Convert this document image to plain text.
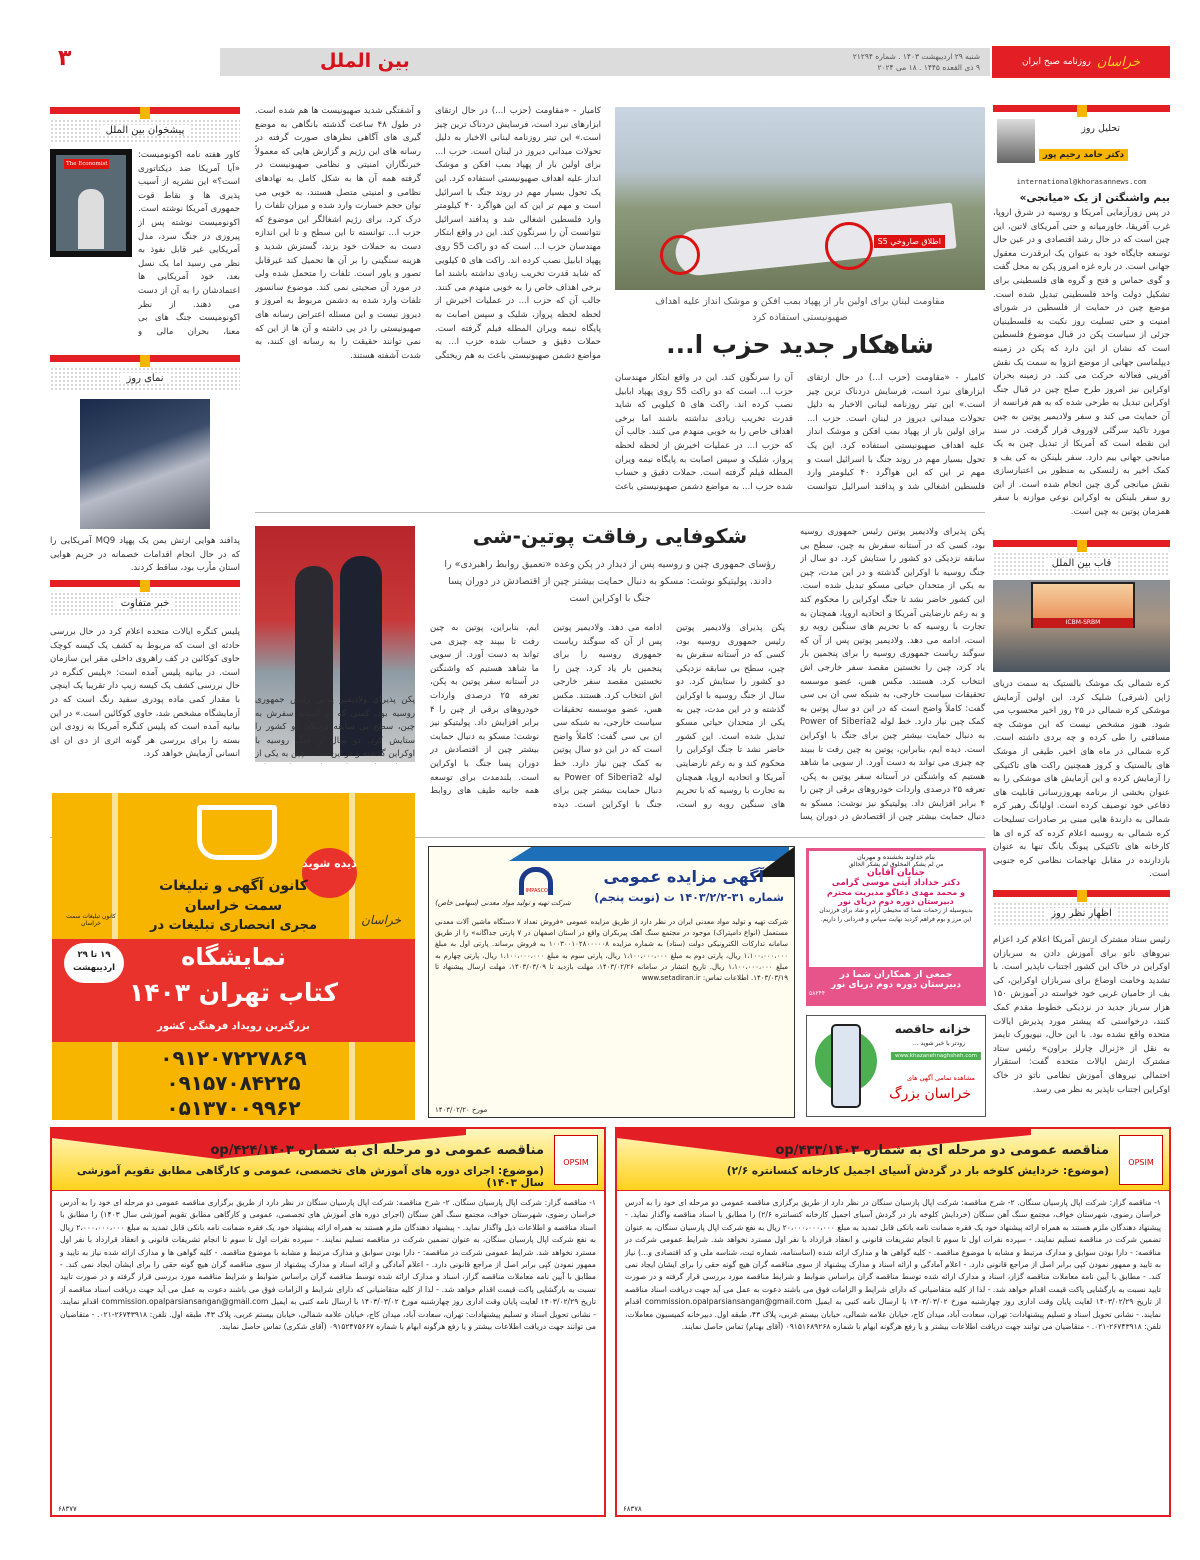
خراسان
روزنامه صبح ایران
شنبه ۲۹ اردیبهشت ۱۴۰۳ . شماره ۲۱۲۹۴
۹ ذی القعده ۱۴۴۵ . ۱۸ می ۲۰۲۴
بین الملل
۳
تحلیل روز
دکتر حامد رحیم پور
international@khorasannews.com
بیم واشنگتن از یک «میانجی»
در پس زورآزمایی آمریکا و روسیه در شرق اروپا، غرب آفریقا، خاورمیانه و حتی آمریکای لاتین، این چین است که در حال رشد اقتصادی و در عین حال توسعه جایگاه خود به عنوان یک ابرقدرت معقول جهانی است. در باره غزه امروز پکن به محل گفت و گوی حماس و فتح و گروه های فلسطینی برای تشکیل دولت واحد فلسطینی تبدیل شده است. موضع چین در حمایت از فلسطین در شورای امنیت و حتی تسلیت روز نکبت به فلسطینیان جزئی از سیاست پکن در قبال موضوع فلسطین است که نشان از این دارد که پکن در زمینه دیپلماسی جهانی از موضع انزوا به سمت یک نقش آفرینی فعالانه حرکت می کند. در زمینه بحران اوکراین نیز امروز طرح صلح چین در قبال جنگ اوکراین تبدیل به طرحی شده که به هم فرانسه از آن حمایت می کند و سفر ولادیمیر پوتین به چین مورد تاکید سرگئی لاوروف قرار گرفت. در سند این نقطه است که آمریکا از تبدیل چین به یک میانجی جهانی بیم دارد. سفر بلینکن به کی یف و کمک اخیر به زلنسکی به منظور بی اعتبارسازی نقش میانجی گری چین انجام شده است. از این رو سفر بلینکن به اوکراین نوعی موازنه با سفر همزمان پوتین به چین است.
قاب بین الملل
ICBM-SRBM
کره شمالی یک موشک بالستیک به سمت دریای ژاپن (شرقی) شلیک کرد. این اولین آزمایش موشکی کره شمالی در ۲۵ روز اخیر محسوب می شود. هنوز مشخص نیست که این موشک چه مسافتی را طی کرده و چه بردی داشته است. کره شمالی در ماه های اخیر، طیفی از موشک های بالستیک و کروز همچنین راکت های تاکتیکی را آزمایش کرده و این آزمایش های موشکی را به عنوان بخشی از برنامه بهروزرسانی قابلیت های دفاعی خود توصیف کرده است. اولیانگ رهبر کره شمالی به دارندۀ هایی مبنی بر صادرات تسلیحات کره شمالی به روسیه اعلام کرده که کره ای ها کارخانه های تاکتیکی پیونگ یانگ تنها به عنوان بازدارنده در مقابل تهاجمات نظامی کره جنوبی است.
اظهار نظر روز
رئیس ستاد مشترک ارتش آمریکا اعلام کرد اعزام نیروهای ناتو برای آموزش دادن به سربازان اوکراین در خاک این کشور اجتناب ناپذیر است. با تشدید وخامت اوضاع برای سربازان اوکراین، کی یف از حامیان غربی خود خواسته در آموزش ۱۵۰ هزار سرباز جدید در نزدیکی خطوط مقدم کمک کنند، درخواستی که پیشتر مورد پذیرش ایالات متحده واقع نشده بود. با این حال، نیویورک تایمز به نقل از «ژنرال چارلز براون» رئیس ستاد مشترک ارتش ایالات متحده گفت: استقرار احتمالی نیروهای آموزش نظامی ناتو در خاک اوکراین اجتناب ناپذیر به نظر می رسد.
اطلاق صاروخي S5
مقاومت لبنان برای اولین بار از پهپاد بمب افکن و موشک انداز علیه اهداف صهیونیستی استفاده کرد
شاهکار جدید حزب ا...
کامیار - «مقاومت (حزب ا...) در حال ارتقای ابزارهای نبرد است، فرسایش دردناک ترین چیز است.» این تیتر روزنامه لبنانی الاخبار به دلیل تحولات میدانی دیروز در لبنان است. حزب ا... برای اولین بار از پهپاد بمب افکن و موشک انداز علیه اهداف صهیونیستی استفاده کرد. این یک تحول بسیار مهم در روند جنگ با اسرائیل است و مهم تر این که این هواگرد ۴۰ کیلومتر وارد فلسطین اشغالی شد و پدافند اسرائیل نتوانست آن را سرنگون کند. این در واقع ابتکار مهندسان حزب ا... است که دو راکت S5 روی پهپاد ابابیل نصب کرده اند. راکت های ۵ کیلویی که شاید قدرت تخریب زیادی نداشته باشند اما برخی اهداف خاص را به خوبی منهدم می کنند. جالب آن که حزب ا... در عملیات اخیرش از لحظه لحظه پرواز، شلیک و سپس اصابت به پایگاه نیمه ویران المطله فیلم گرفته است. حملات دقیق و حساب شده حزب ا... به مواضع دشمن صهیونیستی باعث
کامیار - «مقاومت (حزب ا...) در حال ارتقای ابزارهای نبرد است، فرسایش دردناک ترین چیز است.» این تیتر روزنامه لبنانی الاخبار به دلیل تحولات میدانی دیروز در لبنان است. حزب ا... برای اولین بار از پهپاد بمب افکن و موشک انداز علیه اهداف صهیونیستی استفاده کرد. این یک تحول بسیار مهم در روند جنگ با اسرائیل است و مهم تر این که این هواگرد ۴۰ کیلومتر وارد فلسطین اشغالی شد و پدافند اسرائیل نتوانست آن را سرنگون کند. این در واقع ابتکار مهندسان حزب ا... است که دو راکت S5 روی پهپاد ابابیل نصب کرده اند. راکت های ۵ کیلویی که شاید قدرت تخریب زیادی نداشته باشند اما برخی اهداف خاص را به خوبی منهدم می کنند. جالب آن که حزب ا... در عملیات اخیرش از لحظه لحظه پرواز، شلیک و سپس اصابت به پایگاه نیمه ویران المطله فیلم گرفته است. حملات دقیق و حساب شده حزب ا... به مواضع دشمن صهیونیستی باعث به هم ریختگی و آشفتگی شدید صهیونیست ها هم شده است. در طول ۴۸ ساعت گذشته بانگاهی به موضع گیری های آگاهی نظرهای صورت گرفته در رسانه های این رژیم و گزارش هایی که معمولاً خبرنگاران امنیتی و نظامی صهیونیست در گرفته همه آن ها به شکل کامل به نهادهای نظامی و امنیتی متصل هستند، به خوبی می توان حجم خسارت وارد شده و میزان تلفات را درک کرد. برای رژیم اشغالگر این موضوع که حزب ا... توانسته تا این سطح و تا این اندازه دست به حملات خود بزند، گسترش شدید و هزینه سنگینی را بر آن ها تحمیل کند غیرقابل تصور و باور است. تلفات را متحمل شده ولی در مورد آن صحبتی نمی کند. موضوع سانسور تلفات وارد شده به دشمن مربوط به امروز و دیروز نیست و این مسئله اعتراض رسانه های صهیونیستی را در پی داشته و آن ها از این که نمی توانند حقیقت را به رسانه ای کنند، به شدت آشفته هستند.
شکوفایی رفاقت پوتین-شی
رؤسای جمهوری چین و روسیه پس از دیدار در پکن وعده «تعمیق روابط راهبردی» را دادند. پولیتیکو نوشت: مسکو به دنبال حمایت بیشتر چین از اقتصادش در دوران پسا جنگ با اوکراین است
پکن پذیرای ولادیمیر پوتین رئیس جمهوری روسیه بود، کسی که در آستانه سفرش به چین، سطح بی سابقه نزدیکی دو کشور را ستایش کرد. دو سال از جنگ روسیه با اوکراین گذشته و در این مدت، چین به یکی از متحدان حیاتی مسکو تبدیل شده است. این کشور حاضر نشد تا جنگ اوکراین را محکوم کند و به رغم نارضایتی آمریکا و اتحادیه اروپا، همچنان به تجارت با روسیه که با تحریم های سنگین روبه رو است، ادامه می دهد. ولادیمیر پوتین پس از آن که سوگند ریاست جمهوری روسیه را برای پنجمین بار یاد کرد، چین را نخستین مقصد سفر خارجی اش انتخاب کرد. هستند. مکس هس، عضو موسسه تحقیقات سیاست خارجی، به شبکه سی ان بی سی گفت: کاملاً واضح است که در این دو سال پوتین به کمک چین نیاز دارد. خط لوله Power of Siberia2 به دنبال حمایت بیشتر چین برای جنگ با اوکراین است. دیده ایم، بنابراین، پوتین به چین رفت تا ببیند چه چیزی می تواند به دست آورد. از سویی ما شاهد هستیم که واشنگتن در آستانه سفر پوتین به پکن، تعرفه ۲۵ درصدی واردات خودروهای برقی از چین را ۴ برابر افزایش داد. پولیتیکو نیز نوشت: مسکو به دنبال حمایت بیشتر چین از اقتصادش در دوران پسا
پکن پذیرای ولادیمیر پوتین رئیس جمهوری روسیه بود، کسی که در آستانه سفرش به چین، سطح بی سابقه نزدیکی دو کشور را ستایش کرد. دو سال از جنگ روسیه با اوکراین گذشته و در این مدت، چین به یکی از متحدان حیاتی مسکو تبدیل شده است. این کشور حاضر نشد تا جنگ اوکراین را محکوم کند و به رغم نارضایتی آمریکا و اتحادیه اروپا، همچنان به تجارت با روسیه که با تحریم های سنگین روبه رو است، ادامه می دهد. ولادیمیر پوتین پس از آن که سوگند ریاست جمهوری روسیه را برای پنجمین بار یاد کرد، چین را نخستین مقصد سفر خارجی اش انتخاب کرد. هستند. مکس هس، عضو موسسه تحقیقات سیاست خارجی، به شبکه سی ان بی سی گفت: کاملاً واضح است که در این دو سال پوتین به کمک چین نیاز دارد. خط لوله Power of Siberia2 به دنبال حمایت بیشتر چین برای جنگ با اوکراین است. دیده ایم، بنابراین، پوتین به چین رفت تا ببیند چه چیزی می تواند به دست آورد. از سویی ما شاهد هستیم که واشنگتن در آستانه سفر پوتین به پکن، تعرفه ۲۵ درصدی واردات خودروهای برقی از چین را ۴ برابر افزایش داد. پولیتیکو نیز نوشت: مسکو به دنبال حمایت بیشتر چین از اقتصادش در دوران پسا جنگ با اوکراین است. بلندمدت برای توسعه همه جانبه طیف های روابط
پکن پذیرای ولادیمیر پوتین رئیس جمهوری روسیه بود، کسی که در آستانه سفرش به چین، سطح بی سابقه نزدیکی دو کشور را ستایش کرد. دو سال از جنگ روسیه با اوکراین گذشته و در این مدت، چین به یکی از
پیشخوان بین الملل
The Economist
کاور هفته نامه اکونومیست: «آیا آمریکا ضد دیکتاتوری است؟» این نشریه از آسیب پذیری ها و نقاط قوت جمهوری آمریکا نوشته است. اکونومیست نوشته پس از پیروزی در جنگ سرد، مدل آمریکایی غیر قابل نفوذ به نظر می رسید اما یک نسل بعد، خود آمریکایی ها اعتمادشان را به آن از دست می دهند. از نظر اکونومیست جنگ های بی معنا، بحران مالی و
نمای روز
پدافند هوایی ارتش یمن یک پهپاد MQ9 آمریکایی را که در حال انجام اقدامات خصمانه در حریم هوایی استان مأرب بود، ساقط کردند.
خبر متفاوت
پلیس کنگره ایالات متحده اعلام کرد در حال بررسی حادثه ای است که مربوط به کشف یک کیسه کوچک حاوی کوکائین در کف راهروی داخلی مقر این سازمان است. در بیانیه پلیس آمده است: «پلیس کنگره در حال بررسی کشف یک کیسه زیپ دار تقریبا یک اینچی با مقدار کمی ماده پودری سفید رنگ است که در آزمایشگاه مشخص شد، حاوی کوکائین است.» در این بیانیه آمده است که پلیس کنگره آمریکا به زودی این بسته را برای بررسی هر گونه اثری از دی ان ای انسانی آزمایش خواهد کرد.
دیده شوید
کانون آگهی و تبلیغات
سمت خراسان
مجری انحصاری تبلیغات در	خراسان
کانون تبلیغات سمت خراسان
۱۹ تا ۲۹ اردیبهشت	نمایشگاه
کتاب تهران ۱۴۰۳
بزرگترین رویداد فرهنگی کشور
۰۹۱۲۰۷۲۲۷۸۶۹
۰۹۱۵۷۰۸۴۲۲۵
۰۵۱۳۷۰۰۹۹۶۲
آگهی مزایده عمومی
شماره ۳۱-۱۴۰۳/۲/۲ ت (نوبت پنجم)
IMPASCO
شرکت تهیه و تولید مواد معدنی (سهامی خاص)
شرکت تهیه و تولید مواد معدنی ایران در نظر دارد از طریق مزایده عمومی «فروش تعداد ۷ دستگاه ماشین آلات معدنی مستعمل (انواع دامپتراک) موجود در مجتمع سنگ آهک پیربکران واقع در استان اصفهان در ۷ پارتی جداگانه» را از طریق سامانه تدارکات الکترونیکی دولت (ستاد) به شماره مزایده ۱۰۰۳۰۰۱۰۲۸۰۰۰۰۰۸ به فروش برساند. پارتی اول به مبلغ ۱،۱۰۰،۰۰۰،۰۰۰ ریال، پارتی دوم به مبلغ ۱،۱۰۰،۰۰۰،۰۰۰ ریال، پارتی سوم به مبلغ ۱،۱۰۰،۰۰۰،۰۰۰ ریال، پارتی چهارم به مبلغ ۱،۱۰۰،۰۰۰،۰۰۰ ریال. تاریخ انتشار در سامانه ۱۴۰۳/۰۲/۲۶، مهلت بازدید تا ۱۴۰۳/۰۳/۰۹، مهلت ارسال پیشنهاد تا ۱۴۰۳/۰۳/۱۹. اطلاعات تماس: www.setadiran.ir
مورخ ۱۴۰۳/۰۲/۲۰
بنام خداوند بخشنده و مهربان
من لم یشکر المخلوق لم یشکر الخالق
جنابان آقایان
دکتر خداداد آیتی موسی گرامی
و محمد مهدی دعاگو مدیریت محترم
دبیرستان دوره دوم دریای نور
بدینوسیله از زحمات شما که محیطی آرام و شاد برای فرزندان این مرز و بوم فراهم کردید نهایت سپاس و قدردانی را داریم.
جمعی از همکاران شما در
دبیرستان دوره دوم دریای نور
۵۸۲۴۴
خزانه حاقصه
زودتر با خبر شوید ...
www.khazanehnaghsheh.com
مشاهده تمامی آگهی های
خراسان بزرگ
OPSIM
مناقصه عمومی دو مرحله ای به شماره ۱۴۰۳/op/۴۳۳
(موضوع: خردایش کلوخه بار در گردش آسیای اجمیل کارخانه کنسانتره ۲/۶)
۱- مناقصه گزار: شرکت اپال پارسیان سنگان. ۲- شرح مناقصه: شرکت اپال پارسیان سنگان در نظر دارد از طریق برگزاری مناقصه عمومی دو مرحله ای خود را به آدرس خراسان رضوی، شهرستان خواف، مجتمع سنگ آهن سنگان (خردایش کلوخه بار در گردش آسیای اجمیل کارخانه کنسانتره ۲/۶) را مطابق با اسناد مناقصه واگذار نماید. - پیشنهاد دهندگان ملزم هستند به همراه ارائه پیشنهاد خود یک فقره ضمانت نامه بانکی قابل تمدید به مبلغ ۲۰،۰۰۰،۰۰۰،۰۰۰ ریال به نفع شرکت اپال پارسیان سنگان، به عنوان تضمین شرکت در مناقصه تسلیم نمایند. - سپرده نفرات اول تا سوم تا انجام تشریفات قانونی و انعقاد قرارداد با نفر اول مسترد نخواهد شد. شرایط عمومی شرکت در مناقصه: - دارا بودن سوابق و مدارک مرتبط و مشابه با موضوع مناقصه. - کلیه گواهی ها و مدارک ارائه شده (اساسنامه، شماره ثبت، شناسه ملی و کد اقتصادی و...) نیاز به تایید و ممهور نمودن کپی برابر اصل از مراجع قانونی دارد. - اعلام آمادگی و ارائه اسناد و مدارک پیشنهاد از سوی مناقصه گران هیچ گونه حقی را برای ایشان ایجاد نمی کند. - مطابق با آیین نامه معاملات مناقصه گزار، اسناد و مدارک ارائه شده توسط مناقصه گران براساس ضوابط و شرایط مناقصه مورد بررسی قرار گرفته و در صورت تایید نسبت به بارگشایی پاکت قیمت اقدام خواهد شد. - لذا از کلیه متقاضیانی که دارای شرایط و الزامات فوق می باشند دعوت به عمل می آید جهت دریافت اسناد مناقصه از تاریخ ۱۴۰۳/۰۲/۲۹ لغایت پایان وقت اداری روز چهارشنبه مورخ ۱۴۰۳/۰۳/۰۲ با ارسال نامه کتبی به ایمیل commission.opalparsiansangan@gmail.com اقدام نمایند. - نشانی تحویل اسناد و تسلیم پیشنهادات: تهران، سعادت آباد، میدان کاج، خیابان علامه شمالی، خیابان بیستم غربی، پلاک ۴۳، طبقه اول. دبیرخانه کمیسیون معاملات، تلفن: ۲۶۷۴۳۹۱۸-۰۲۱. - متقاضیان می توانند جهت دریافت اطلاعات بیشتر و یا رفع هرگونه ابهام با شماره ۰۹۱۵۱۶۸۹۲۶۸ (آقای بهنام) تماس حاصل نمایند.
۶۸۳۷۸
OPSIM
مناقصه عمومی دو مرحله ای به شماره ۱۴۰۳/op/۴۲۴
(موضوع: اجرای دوره های آموزش های تخصصی، عمومی و کارگاهی مطابق تقویم آموزشی سال ۱۴۰۳)
۱- مناقصه گزار: شرکت اپال پارسیان سنگان. ۲- شرح مناقصه: شرکت اپال پارسیان سنگان در نظر دارد از طریق برگزاری مناقصه عمومی دو مرحله ای خود را به آدرس خراسان رضوی، شهرستان خواف، مجتمع سنگ آهن سنگان (اجرای دوره های آموزش های تخصصی، عمومی و کارگاهی مطابق تقویم آموزشی سال ۱۴۰۳) را مطابق با اسناد مناقصه و اطلاعات ذیل واگذار نماید. - پیشنهاد دهندگان ملزم هستند به همراه ارائه پیشنهاد خود یک فقره ضمانت نامه بانکی قابل تمدید به مبلغ ۲،۰۰۰،۰۰۰،۰۰۰ ریال به نفع شرکت اپال پارسیان سنگان، به عنوان تضمین شرکت در مناقصه تسلیم نمایند. - سپرده نفرات اول تا سوم تا انجام تشریفات قانونی و انعقاد قرارداد با نفر اول مسترد نخواهد شد. شرایط عمومی شرکت در مناقصه: - دارا بودن سوابق و مدارک مرتبط و مشابه با موضوع مناقصه. - کلیه گواهی ها و مدارک ارائه شده نیاز به تایید و ممهور نمودن کپی برابر اصل از مراجع قانونی دارد. - اعلام آمادگی و ارائه اسناد و مدارک پیشنهاد از سوی مناقصه گران هیچ گونه حقی را برای ایشان ایجاد نمی کند. - مطابق با آیین نامه معاملات مناقصه گزار، اسناد و مدارک ارائه شده توسط مناقصه گران براساس ضوابط و شرایط مناقصه مورد بررسی قرار گرفته و در صورت تایید نسبت به بارگشایی پاکت قیمت اقدام خواهد شد. - لذا از کلیه متقاضیانی که دارای شرایط و الزامات فوق می باشند دعوت به عمل می آید جهت دریافت اسناد مناقصه از تاریخ ۱۴۰۳/۰۲/۲۹ لغایت پایان وقت اداری روز چهارشنبه مورخ ۱۴۰۳/۰۳/۰۲ با ارسال نامه کتبی به ایمیل commission.opalparsiansangan@gmail.com اقدام نمایند. - نشانی تحویل اسناد و تسلیم پیشنهادات: تهران، سعادت آباد، میدان کاج، خیابان علامه شمالی، خیابان بیستم غربی، پلاک ۴۳، طبقه اول. تلفن: ۲۶۷۴۳۹۱۸-۰۲۱. - متقاضیان می توانند جهت دریافت اطلاعات بیشتر و یا رفع هرگونه ابهام با شماره ۰۹۱۵۲۴۷۵۶۶۷ (آقای شکری) تماس حاصل نمایند.
۶۸۳۷۷
